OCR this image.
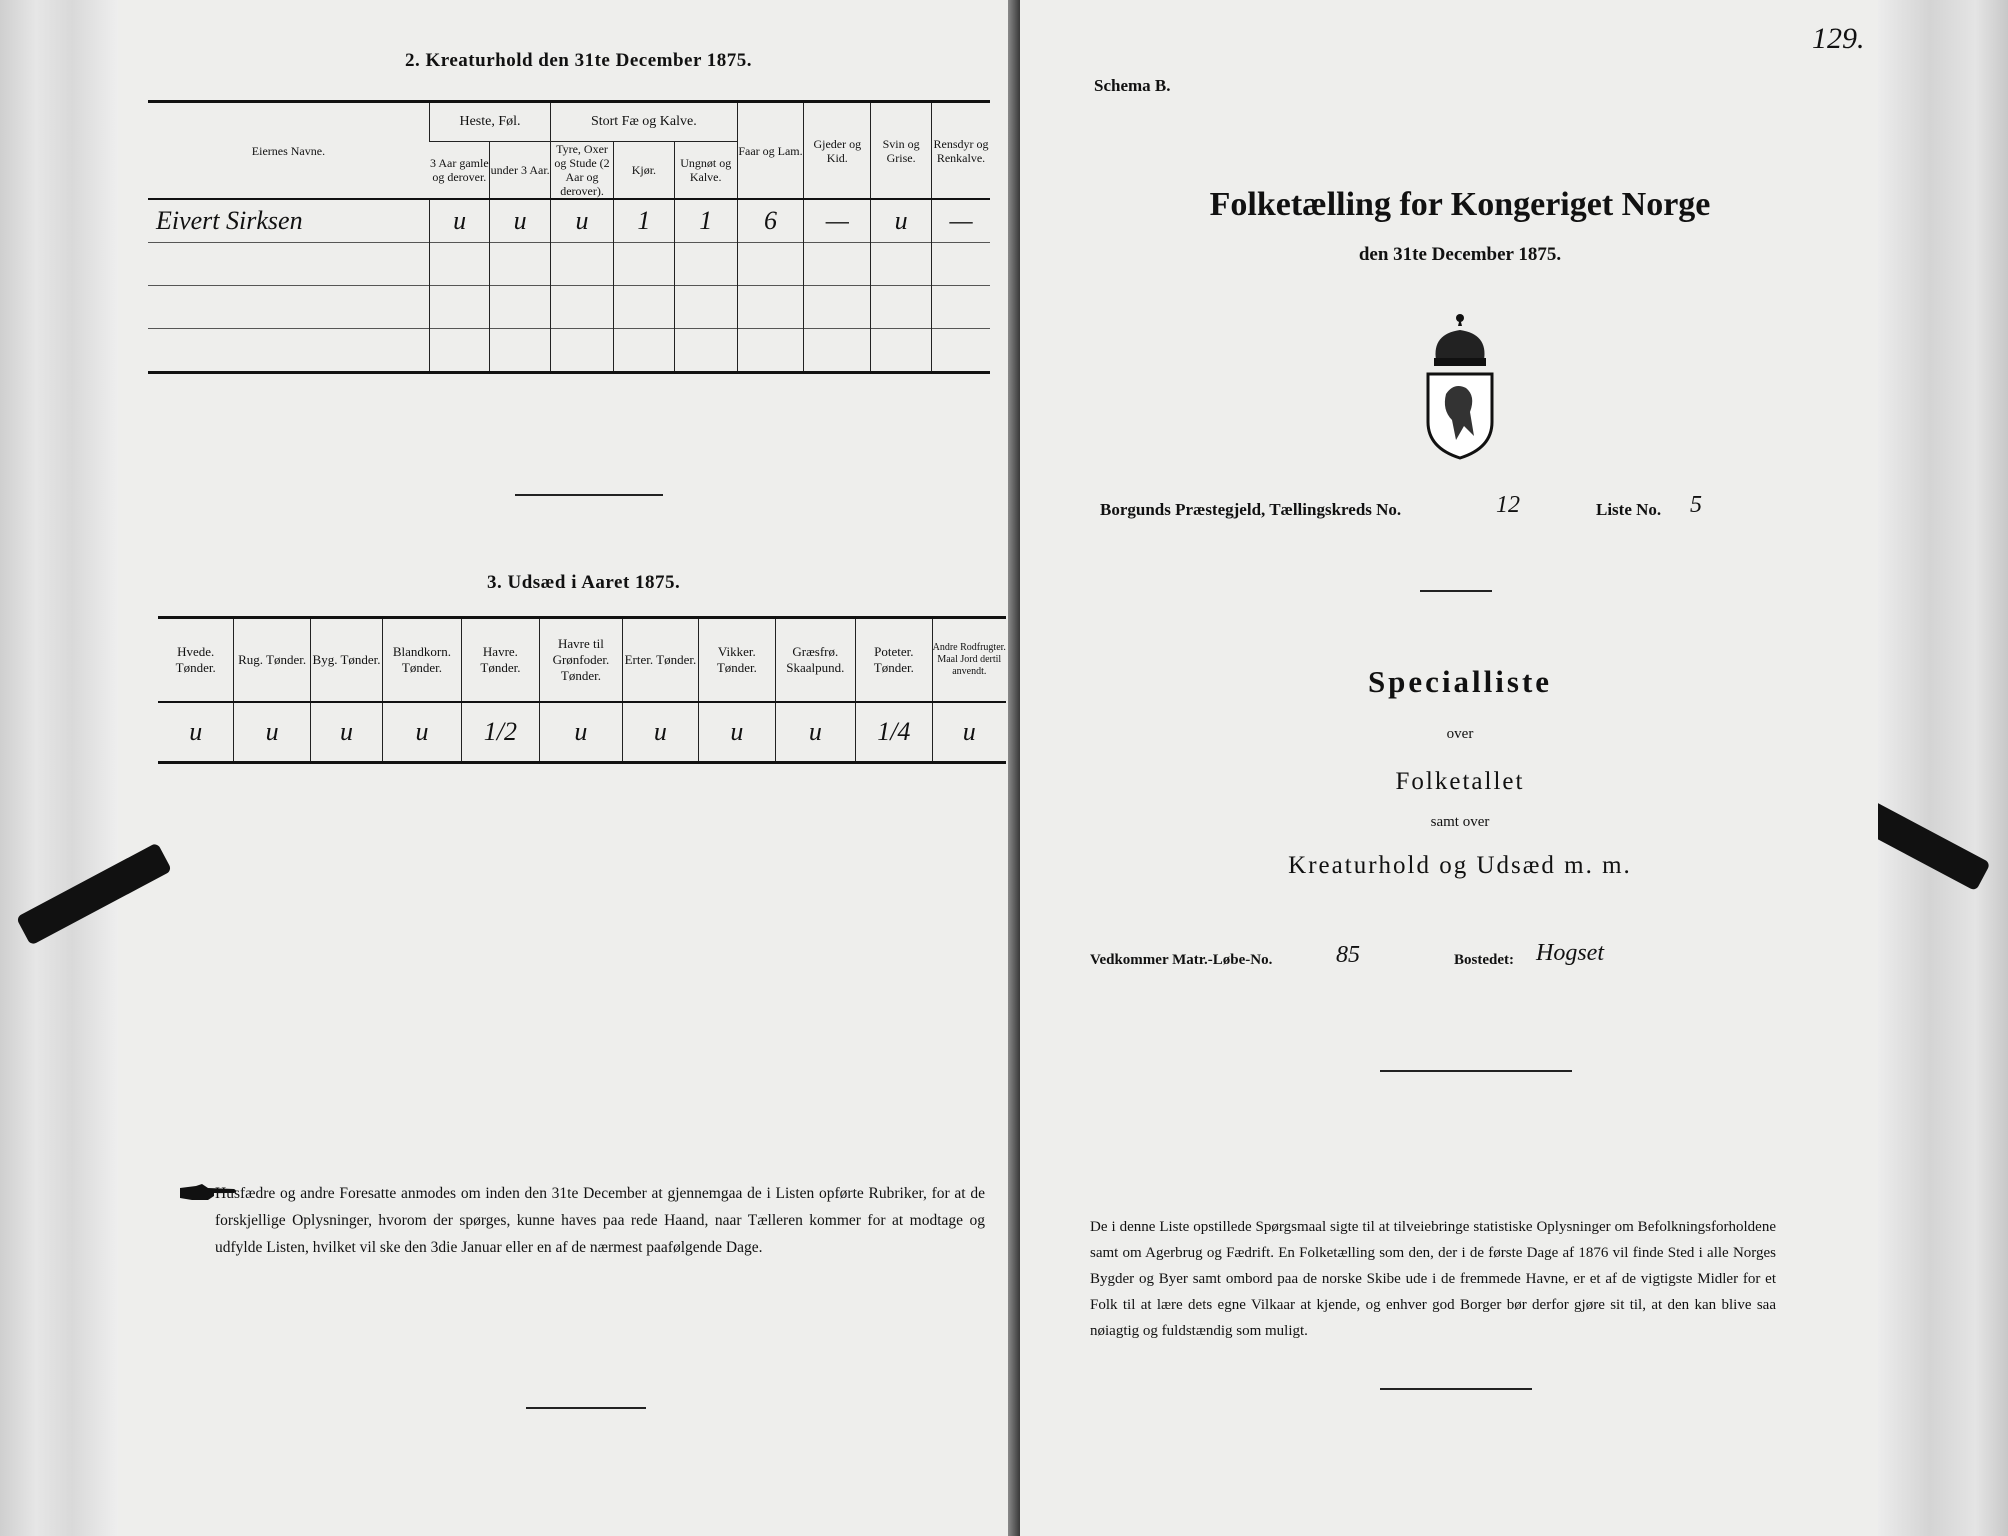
2. Kreaturhold den 31te December 1875.
Eiernes Navne.	Heste, Føl.		Stort Fæ og Kalve.			Faar og Lam.	Gjeder og Kid.	Svin og Grise.	Rensdyr og Renkalve.
	3 Aar gamle og derover.	under 3 Aar.	Tyre, Oxer og Stude (2 Aar og derover).	Kjør.	Ungnøt og Kalve.				
Eivert Sirksen	u	u	u	1	1	6	—	u	—

3. Udsæd i Aaret 1875.
Hvede. Tønder.	Rug. Tønder.	Byg. Tønder.	Blandkorn. Tønder.	Havre. Tønder.	Havre til Grønfoder. Tønder.	Erter. Tønder.	Vikker. Tønder.	Græsfrø. Skaalpund.	Poteter. Tønder.	Andre Rodfrugter. Maal Jord dertil anvendt.
u	u	u	u	1/2	u	u	u	u	1/4	u
Husfædre og andre Foresatte anmodes om inden den 31te December at gjennemgaa de i Listen opførte Rubriker, for at de forskjellige Oplysninger, hvorom der spørges, kunne haves paa rede Haand, naar Tælleren kommer for at modtage og udfylde Listen, hvilket vil ske den 3die Januar eller en af de nærmest paafølgende Dage.
Schema B.
129.
Folketælling for Kongeriget Norge
den 31te December 1875.
Borgunds Præstegjeld, Tællingskreds No.	12	Liste No. 5
Specialliste
over
Folketallet
samt over
Kreaturhold og Udsæd m. m.
Vedkommer Matr.-Løbe-No.	85	Bostedet: Hogset
De i denne Liste opstillede Spørgsmaal sigte til at tilveiebringe statistiske Oplysninger om Befolkningsforholdene samt om Agerbrug og Fædrift. En Folketælling som den, der i de første Dage af 1876 vil finde Sted i alle Norges Bygder og Byer samt ombord paa de norske Skibe ude i de fremmede Havne, er et af de vigtigste Midler for et Folk til at lære dets egne Vilkaar at kjende, og enhver god Borger bør derfor gjøre sit til, at den kan blive saa nøiagtig og fuldstændig som muligt.
